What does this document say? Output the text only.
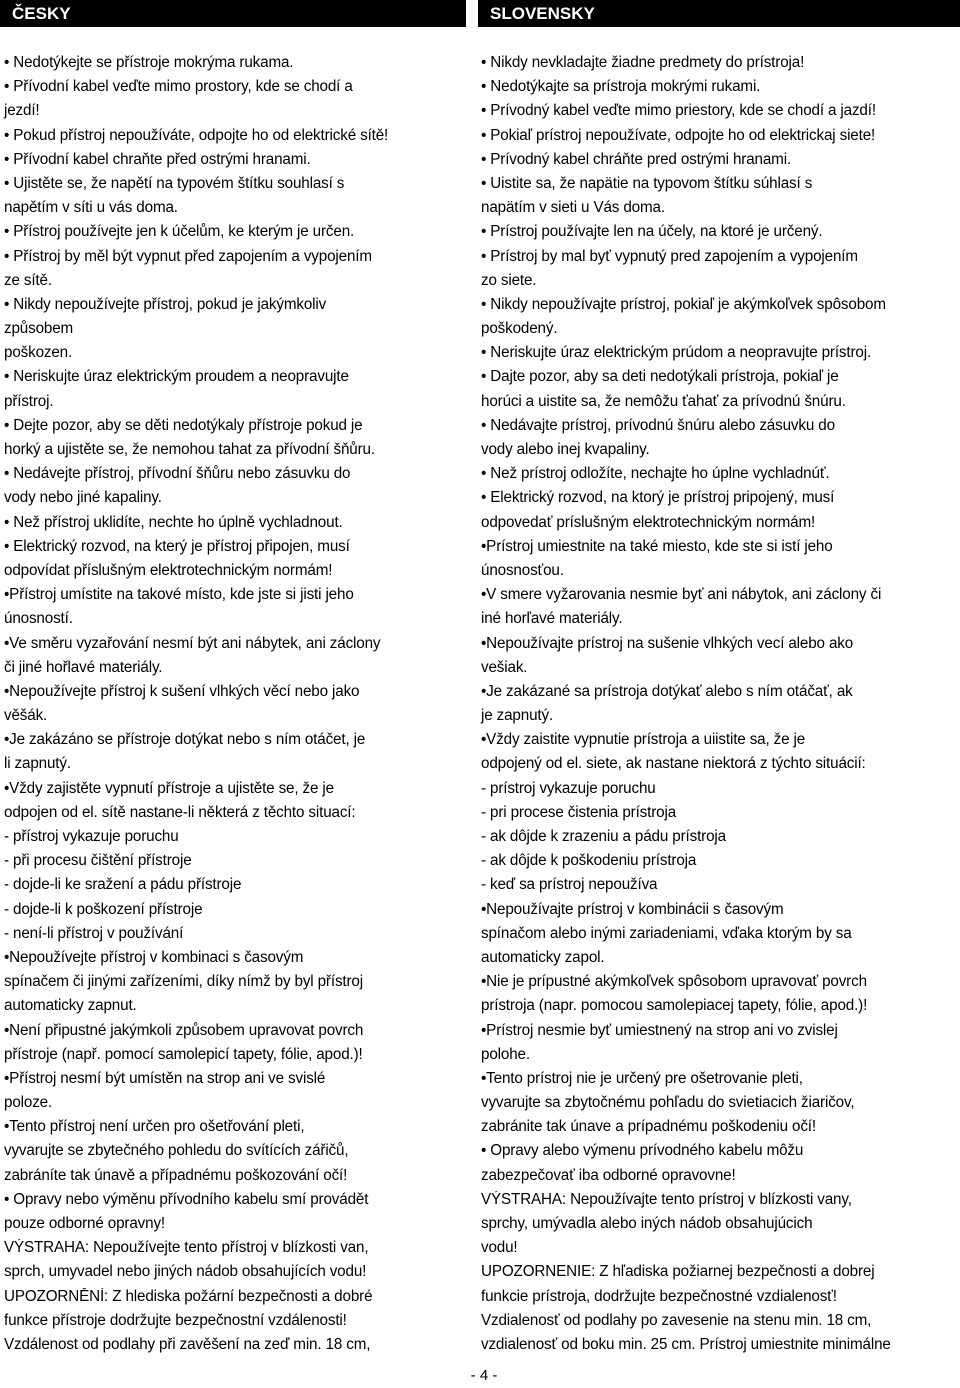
ČESKY
• Nedotýkejte se přístroje mokrýma rukama.
• Přívodní kabel veďte mimo prostory, kde se chodí a
jezdí!
• Pokud přístroj nepoužíváte, odpojte ho od elektrické sítě!
• Přívodní kabel chraňte před ostrými hranami.
• Ujistěte se, že napětí na typovém štítku souhlasí s
napětím v síti u vás doma.
• Přístroj používejte jen k účelům, ke kterým je určen.
• Přístroj by měl být vypnut před zapojením a vypojením
ze sítě.
• Nikdy nepoužívejte přístroj, pokud je jakýmkoliv
způsobem
poškozen.
• Neriskujte úraz elektrickým proudem a neopravujte
přístroj.
• Dejte pozor, aby se děti nedotýkaly přístroje pokud je
horký a ujistěte se, že nemohou tahat za přívodní šňůru.
• Nedávejte přístroj, přívodní šňůru nebo zásuvku do
vody nebo jiné kapaliny.
• Než přístroj uklidíte, nechte ho úplně vychladnout.
• Elektrický rozvod, na který je přístroj připojen, musí
odpovídat příslušným elektrotechnickým normám!
•Přístroj umístite na takové místo, kde jste si jisti jeho
únosností.
•Ve směru vyzařování nesmí být ani nábytek, ani záclony
či jiné hořlavé materiály.
•Nepoužívejte přístroj k sušení vlhkých věcí nebo jako
věšák.
•Je zakázáno se přístroje dotýkat nebo s ním otáčet, je
li zapnutý.
•Vždy zajistěte vypnutí přístroje a ujistěte se, že je
odpojen od el. sítě nastane-li některá z těchto situací:
- přístroj vykazuje poruchu
- při procesu čištění přístroje
- dojde-li ke sražení a pádu přístroje
- dojde-li k poškození přístroje
- není-li přístroj v používání
•Nepoužívejte přístroj v kombinaci s časovým
spínačem či jinými zařízeními, díky nímž by byl přístroj
automaticky zapnut.
•Není připustné jakýmkoli způsobem upravovat povrch
přístroje (např. pomocí samolepicí tapety, fólie, apod.)!
•Přístroj nesmí být umístěn na strop ani ve svislé
poloze.
•Tento přístroj není určen pro ošetřování pleti,
vyvarujte se zbytečného pohledu do svítících zářičů,
zabráníte tak únavě a případnému poškozování očí!
• Opravy nebo výměnu přívodního kabelu smí provádět
pouze odborné opravny!
VÝSTRAHA: Nepoužívejte tento přístroj v blízkosti van,
sprch, umyvadel nebo jiných nádob obsahujících vodu!
UPOZORNĚNÍ: Z hlediska požární bezpečnosti a dobré
funkce přístroje dodržujte bezpečnostní vzdálenosti!
Vzdálenost od podlahy při zavěšení na zeď min. 18 cm,
SLOVENSKY
• Nikdy nevkladajte žiadne predmety do prístroja!
• Nedotýkajte sa prístroja mokrými rukami.
• Prívodný kabel veďte mimo priestory, kde se chodí a jazdí!
• Pokiaľ prístroj nepoužívate, odpojte ho od elektrickaj siete!
• Prívodný kabel chráňte pred ostrými hranami.
• Uistite sa, že napätie na typovom štítku súhlasí s
napätím v sieti u Vás doma.
• Prístroj používajte len na účely, na ktoré je určený.
• Prístroj by mal byť vypnutý pred zapojením a vypojením
zo siete.
• Nikdy nepoužívajte prístroj, pokiaľ je akýmkoľvek spôsobom
poškodený.
• Neriskujte úraz elektrickým prúdom a neopravujte prístroj.
• Dajte pozor, aby sa deti nedotýkali prístroja, pokiaľ je
horúci a uistite sa, že nemôžu ťahať za prívodnú šnúru.
• Nedávajte prístroj, prívodnú šnúru alebo zásuvku do
vody alebo inej kvapaliny.
• Než prístroj odložíte, nechajte ho úplne vychladnúť.
• Elektrický rozvod, na ktorý je prístroj pripojený, musí
odpovedať príslušným elektrotechnickým normám!
•Prístroj umiestnite na také miesto, kde ste si istí jeho
únosnosťou.
•V smere vyžarovania nesmie byť ani nábytok, ani záclony či
iné horľavé materiály.
•Nepoužívajte prístroj na sušenie vlhkých vecí alebo ako
vešiak.
•Je zakázané sa prístroja dotýkať alebo s ním otáčať, ak
je zapnutý.
•Vždy zaistite vypnutie prístroja a uiistite sa, že je
odpojený od el. siete, ak nastane niektorá z týchto situácií:
- prístroj vykazuje poruchu
- pri procese čistenia prístroja
- ak dôjde k zrazeniu a pádu prístroja
- ak dôjde k poškodeniu prístroja
- keď sa prístroj nepoužíva
•Nepoužívajte prístroj v kombinácii s časovým
spínačom alebo inými zariadeniami, vďaka ktorým by sa
automaticky zapol.
•Nie je prípustné akýmkoľvek spôsobom upravovať povrch
prístroja (napr. pomocou samolepiacej tapety, fólie, apod.)!
•Prístroj nesmie byť umiestnený na strop ani vo zvislej
polohe.
•Tento prístroj nie je určený pre ošetrovanie pleti,
vyvarujte sa zbytočnému pohľadu do svietiacich žiaričov,
zabránite tak únave a prípadnému poškodeniu očí!
• Opravy alebo výmenu prívodného kabelu môžu
zabezpečovať iba odborné opravovne!
VÝSTRAHA: Nepoužívajte tento prístroj v blízkosti vany,
sprchy, umývadla alebo iných nádob obsahujúcich
vodu!
UPOZORNENIE: Z hľadiska požiarnej bezpečnosti a dobrej
funkcie prístroja, dodržujte bezpečnostné vzdialenosť!
Vzdialenosť od podlahy po zavesenie na stenu min. 18 cm,
vzdialenosť od boku min. 25 cm. Prístroj umiestnite minimálne
- 4 -
